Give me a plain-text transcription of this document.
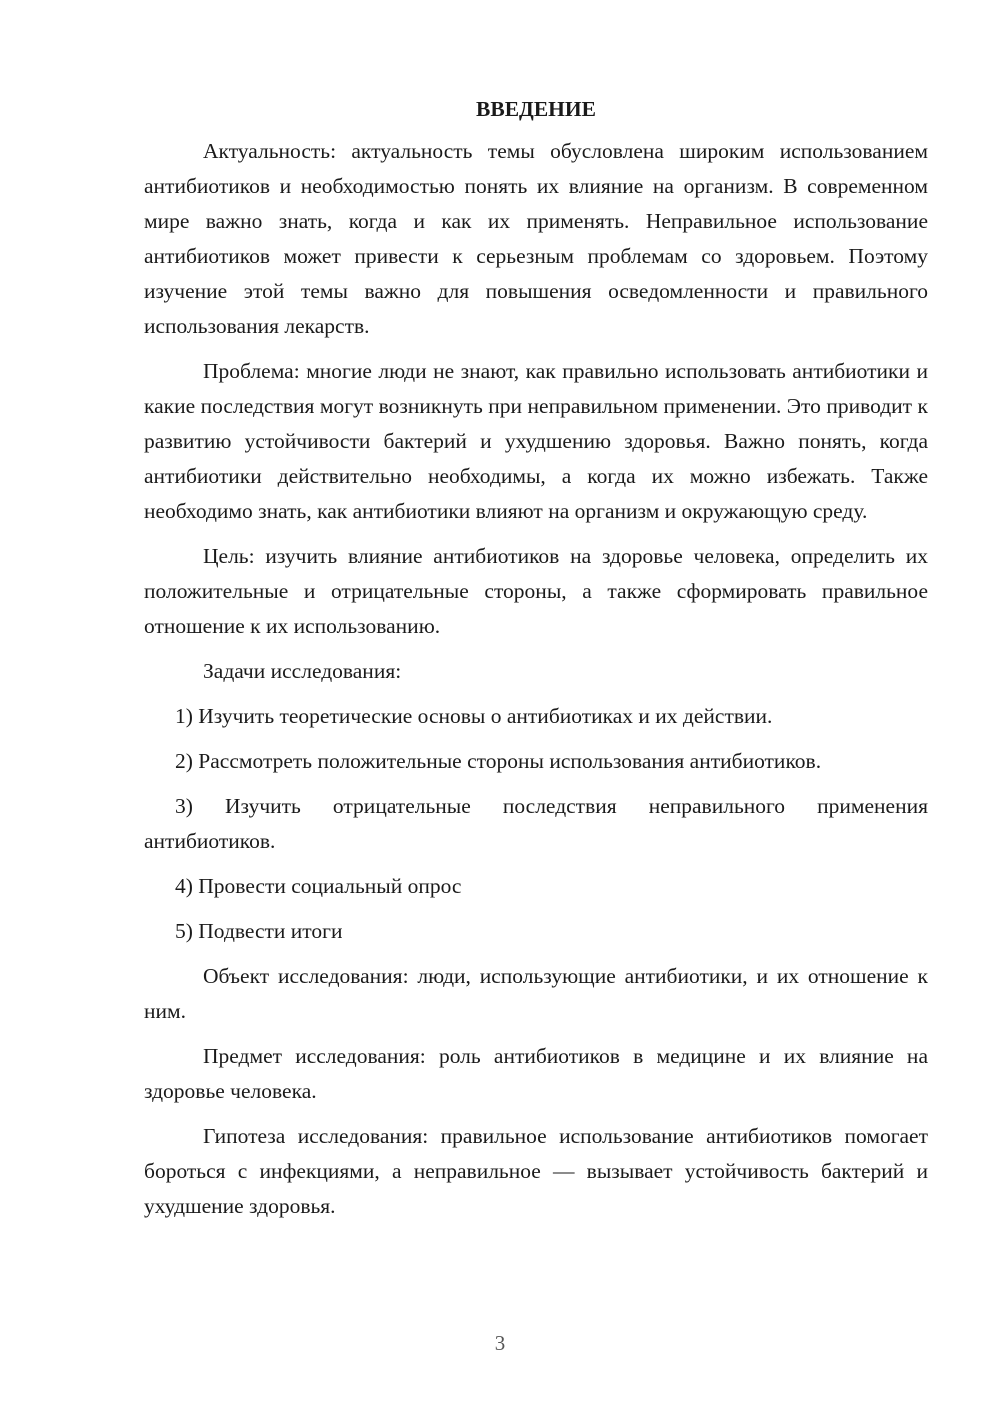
ВВЕДЕНИЕ

Актуальность: актуальность темы обусловлена широким использованием антибиотиков и необходимостью понять их влияние на организм. В современном мире важно знать, когда и как их применять. Неправильное использование антибиотиков может привести к серьезным проблемам со здоровьем. Поэтому изучение этой темы важно для повышения осведомленности и правильного использования лекарств.

Проблема: многие люди не знают, как правильно использовать антибиотики и какие последствия могут возникнуть при неправильном применении. Это приводит к развитию устойчивости бактерий и ухудшению здоровья. Важно понять, когда антибиотики действительно необходимы, а когда их можно избежать. Также необходимо знать, как антибиотики влияют на организм и окружающую среду.

Цель: изучить влияние антибиотиков на здоровье человека, определить их положительные и отрицательные стороны, а также сформировать правильное отношение к их использованию.

Задачи исследования:

1) Изучить теоретические основы о антибиотиках и их действии.

2) Рассмотреть положительные стороны использования антибиотиков.

3) Изучить отрицательные последствия неправильного применения антибиотиков.

4) Провести социальный опрос

5) Подвести итоги

Объект исследования: люди, использующие антибиотики, и их отношение к ним.

Предмет исследования: роль антибиотиков в медицине и их влияние на здоровье человека.

Гипотеза исследования: правильное использование антибиотиков помогает бороться с инфекциями, а неправильное — вызывает устойчивость бактерий и ухудшение здоровья.

3
